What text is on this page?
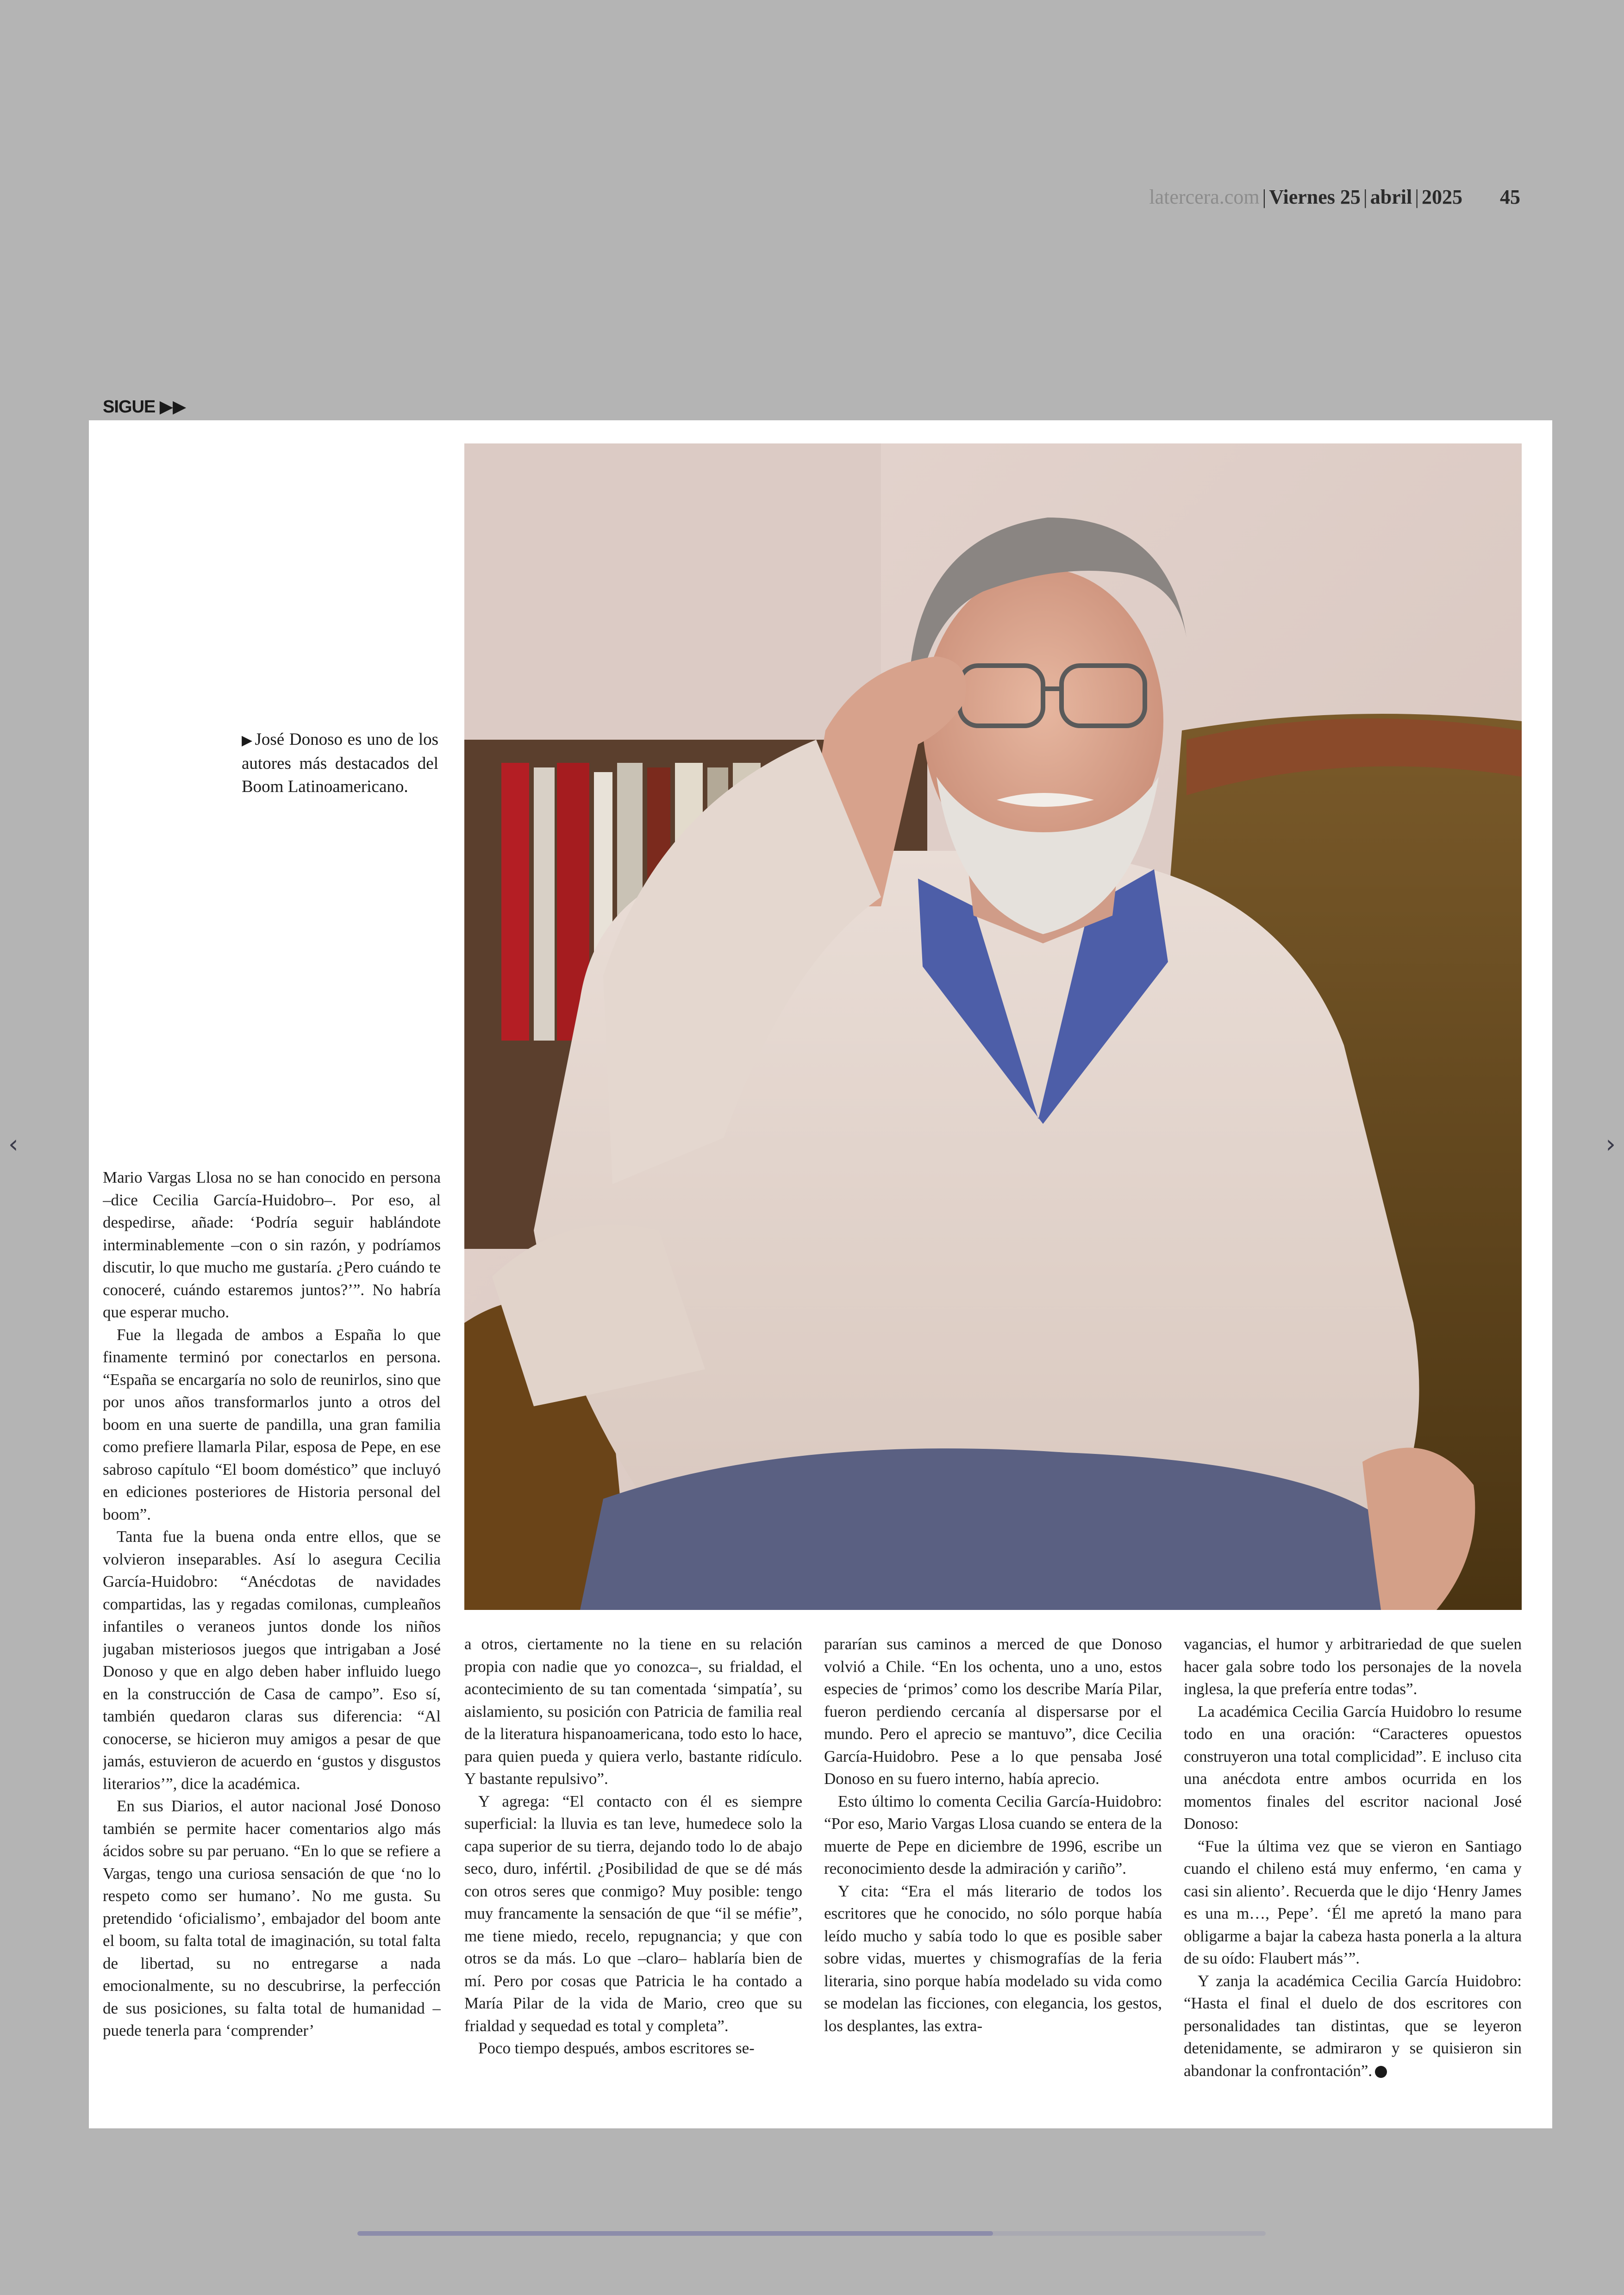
latercera.com | Viernes 25 | abril | 2025 45
SIGUE ▶▶
▶ José Donoso es uno de los autores más destacados del Boom Latinoamericano.

Mario Vargas Llosa no se han conocido en persona –dice Cecilia García-Huidobro–. Por eso, al despedirse, añade: ‘Podría seguir hablándote interminablemente –con o sin razón, y podríamos discutir, lo que mucho me gustaría. ¿Pero cuándo te conoceré, cuándo estaremos juntos?’”. No habría que esperar mucho.

Fue la llegada de ambos a España lo que finamente terminó por conectarlos en persona. “España se encargaría no solo de reunirlos, sino que por unos años transformarlos junto a otros del boom en una suerte de pandilla, una gran familia como prefiere llamarla Pilar, esposa de Pepe, en ese sabroso capítulo “El boom doméstico” que incluyó en ediciones posteriores de Historia personal del boom”.

Tanta fue la buena onda entre ellos, que se volvieron inseparables. Así lo asegura Cecilia García-Huidobro: “Anécdotas de navidades compartidas, las y regadas comilonas, cumpleaños infantiles o veraneos juntos donde los niños jugaban misteriosos juegos que intrigaban a José Donoso y que en algo deben haber influido luego en la construcción de Casa de campo”. Eso sí, también quedaron claras sus diferencia: “Al conocerse, se hicieron muy amigos a pesar de que jamás, estuvieron de acuerdo en ‘gustos y disgustos literarios’”, dice la académica.

En sus Diarios, el autor nacional José Donoso también se permite hacer comentarios algo más ácidos sobre su par peruano. “En lo que se refiere a Vargas, tengo una curiosa sensación de que ‘no lo respeto como ser humano’. No me gusta. Su pretendido ‘oficialismo’, embajador del boom ante el boom, su falta total de imaginación, su total falta de libertad, su no entregarse a nada emocionalmente, su no descubrirse, la perfección de sus posiciones, su falta total de humanidad –puede tenerla para ‘comprender’

a otros, ciertamente no la tiene en su relación propia con nadie que yo conozca–, su frialdad, el acontecimiento de su tan comentada ‘simpatía’, su aislamiento, su posición con Patricia de familia real de la literatura hispanoamericana, todo esto lo hace, para quien pueda y quiera verlo, bastante ridículo. Y bastante repulsivo”.

Y agrega: “El contacto con él es siempre superficial: la lluvia es tan leve, humedece solo la capa superior de su tierra, dejando todo lo de abajo seco, duro, infértil. ¿Posibilidad de que se dé más con otros seres que conmigo? Muy posible: tengo muy francamente la sensación de que “il se méfie”, me tiene miedo, recelo, repugnancia; y que con otros se da más. Lo que –claro– hablaría bien de mí. Pero por cosas que Patricia le ha contado a María Pilar de la vida de Mario, creo que su frialdad y sequedad es total y completa”.

Poco tiempo después, ambos escritores se-

pararían sus caminos a merced de que Donoso volvió a Chile. “En los ochenta, uno a uno, estos especies de ‘primos’ como los describe María Pilar, fueron perdiendo cercanía al dispersarse por el mundo. Pero el aprecio se mantuvo”, dice Cecilia García-Huidobro. Pese a lo que pensaba José Donoso en su fuero interno, había aprecio.

Esto último lo comenta Cecilia García-Huidobro: “Por eso, Mario Vargas Llosa cuando se entera de la muerte de Pepe en diciembre de 1996, escribe un reconocimiento desde la admiración y cariño”.

Y cita: “Era el más literario de todos los escritores que he conocido, no sólo porque había leído mucho y sabía todo lo que es posible saber sobre vidas, muertes y chismografías de la feria literaria, sino porque había modelado su vida como se modelan las ficciones, con elegancia, los gestos, los desplantes, las extra-

vagancias, el humor y arbitrariedad de que suelen hacer gala sobre todo los personajes de la novela inglesa, la que prefería entre todas”.

La académica Cecilia García Huidobro lo resume todo en una oración: “Caracteres opuestos construyeron una total complicidad”. E incluso cita una anécdota entre ambos ocurrida en los momentos finales del escritor nacional José Donoso:

“Fue la última vez que se vieron en Santiago cuando el chileno está muy enfermo, ‘en cama y casi sin aliento’. Recuerda que le dijo ‘Henry James es una m…, Pepe’. ‘Él me apretó la mano para obligarme a bajar la cabeza hasta ponerla a la altura de su oído: Flaubert más’”.

Y zanja la académica Cecilia García Huidobro: “Hasta el final el duelo de dos escritores con personalidades tan distintas, que se leyeron detenidamente, se admiraron y se quisieron sin abandonar la confrontación”.

‹	›
